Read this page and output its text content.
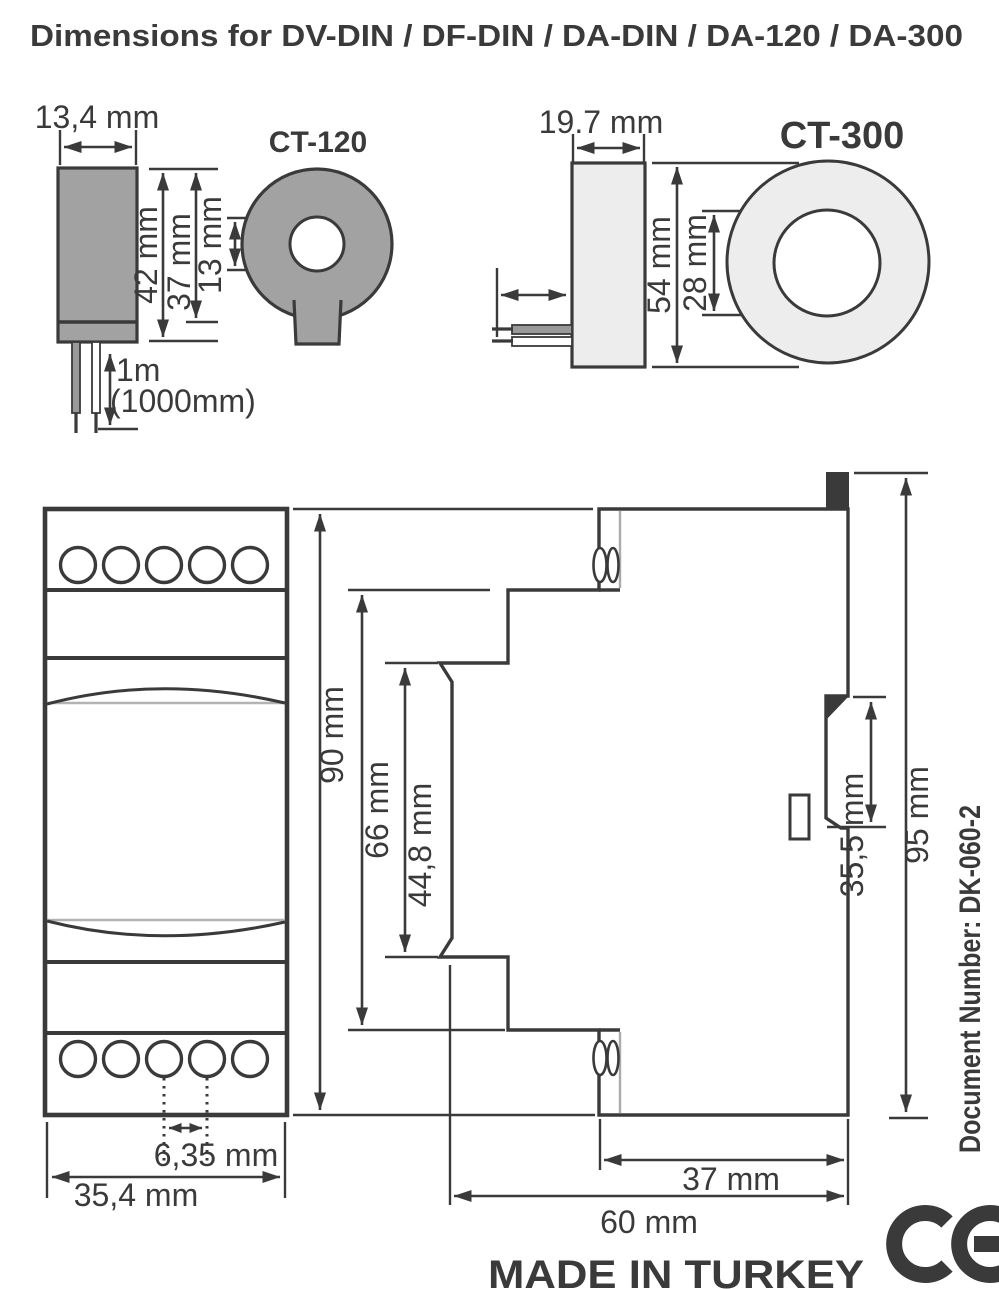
Dimensions for DV-DIN / DF-DIN / DA-DIN / DA-120 / DA-300
13,4 mm
1m
(1000mm)
42 mm
37 mm
13 mm
CT-120
19.7 mm
54 mm 28 mm
CT-300
6,35 mm
35,4 mm
90 mm
66 mm 44,8 mm	35,5 mm 95 mm
37 mm
60 mm
Document Number: DK-060-2
MADE IN TURKEY
